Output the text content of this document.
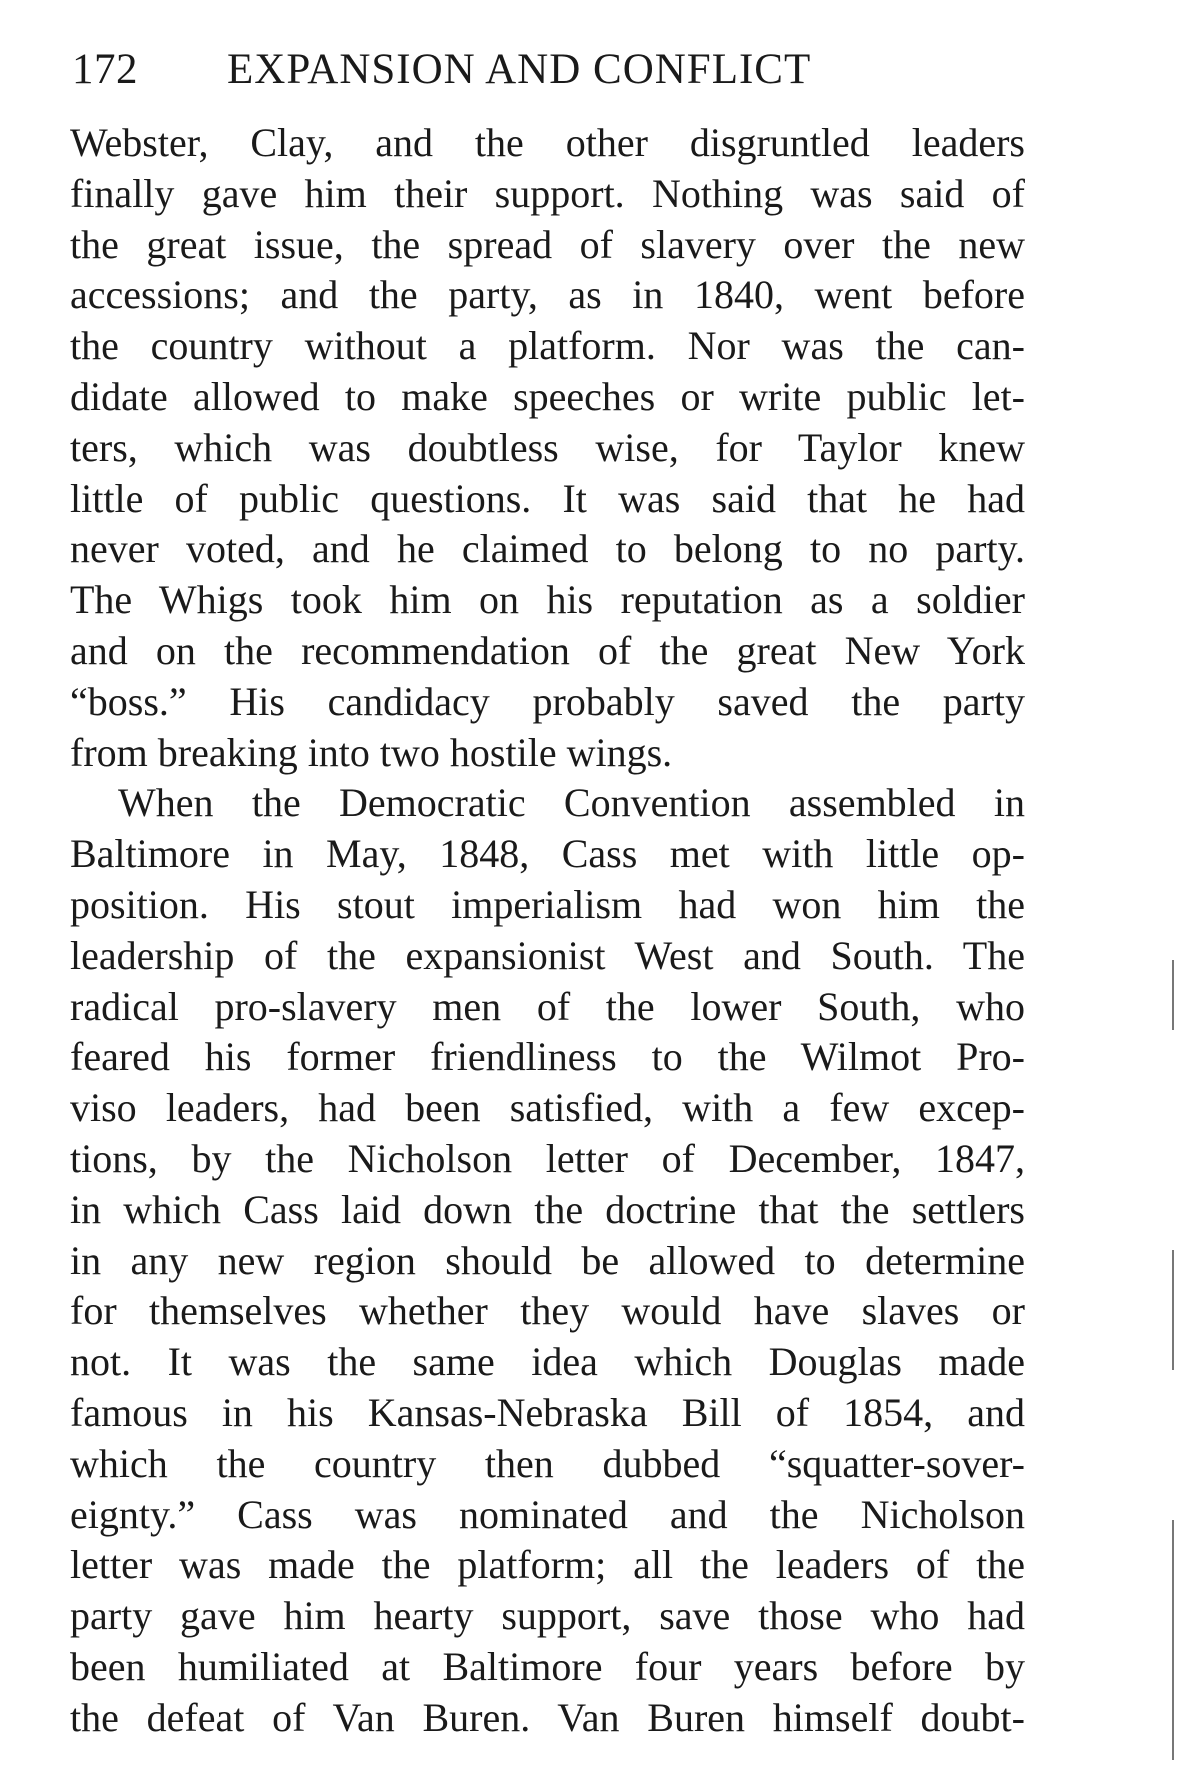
172 EXPANSION AND CONFLICT
Webster, Clay, and the other disgruntled leaders
finally gave him their support. Nothing was said of
the great issue, the spread of slavery over the new
accessions; and the party, as in 1840, went before
the country without a platform. Nor was the can-
didate allowed to make speeches or write public let-
ters, which was doubtless wise, for Taylor knew
little of public questions. It was said that he had
never voted, and he claimed to belong to no party.
The Whigs took him on his reputation as a soldier
and on the recommendation of the great New York
“boss.” His candidacy probably saved the party
from breaking into two hostile wings.
When the Democratic Convention assembled in
Baltimore in May, 1848, Cass met with little op-
position. His stout imperialism had won him the
leadership of the expansionist West and South. The
radical pro-slavery men of the lower South, who
feared his former friendliness to the Wilmot Pro-
viso leaders, had been satisfied, with a few excep-
tions, by the Nicholson letter of December, 1847,
in which Cass laid down the doctrine that the settlers
in any new region should be allowed to determine
for themselves whether they would have slaves or
not. It was the same idea which Douglas made
famous in his Kansas-Nebraska Bill of 1854, and
which the country then dubbed “squatter-sover-
eignty.” Cass was nominated and the Nicholson
letter was made the platform; all the leaders of the
party gave him hearty support, save those who had
been humiliated at Baltimore four years before by
the defeat of Van Buren. Van Buren himself doubt-
